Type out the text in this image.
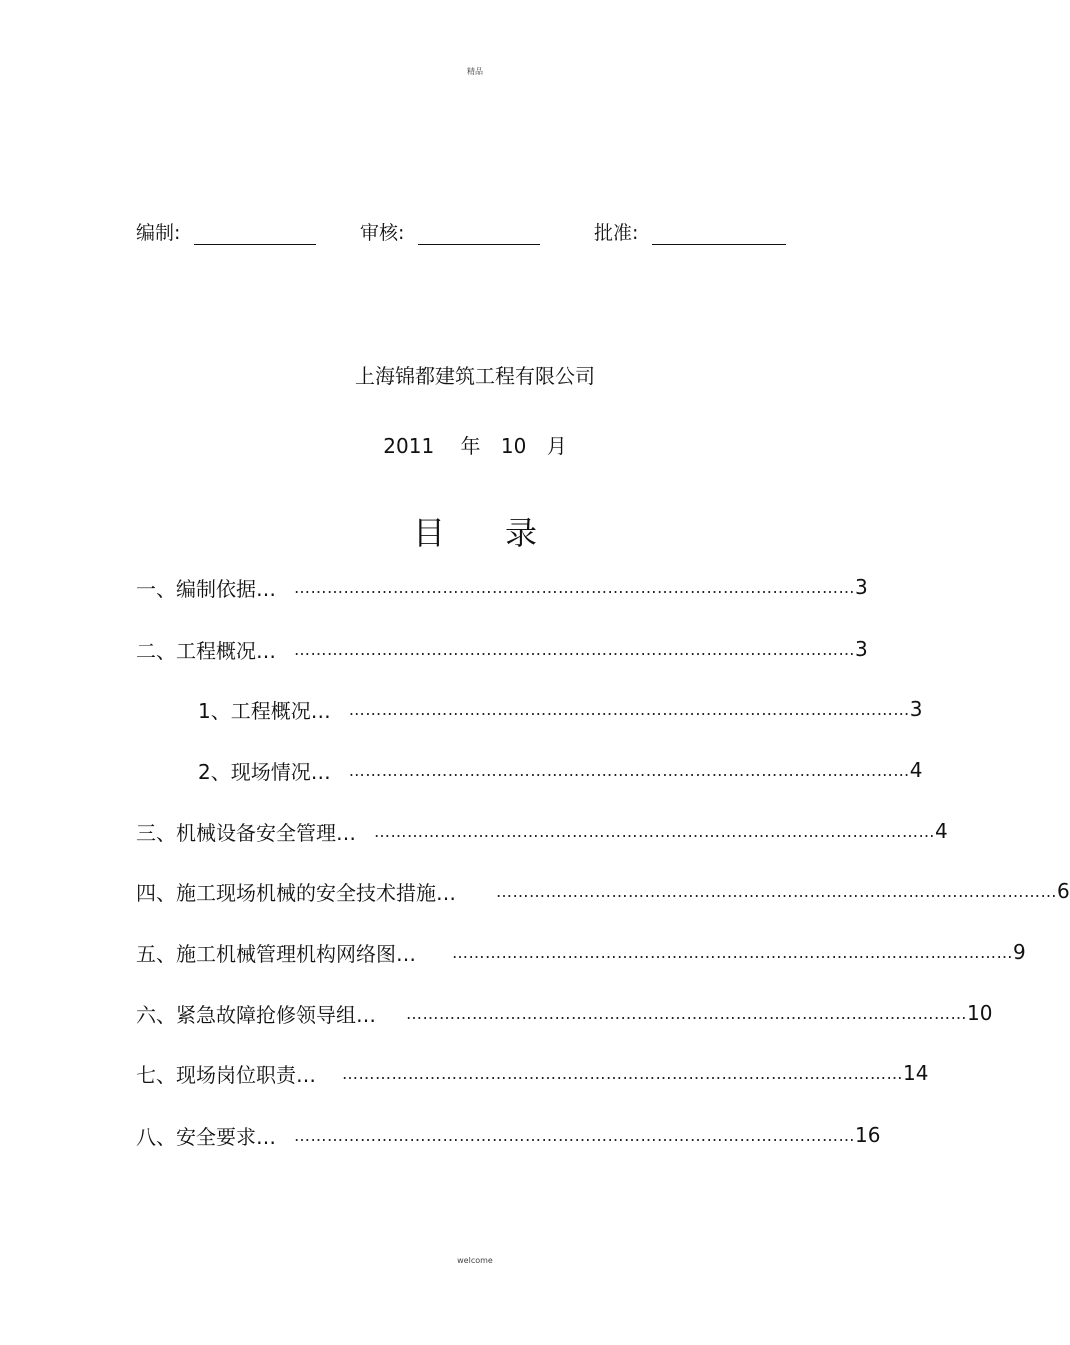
精品
编制:	审核:	批准:
上海锦都建筑工程有限公司
2011 年 10 月
目 录
一、编制依据… ………………………………………………………………………………………… 3
二、工程概况… ………………………………………………………………………………………… 3
1、工程概况… ………………………………………………………………………………………… 3
2、现场情况… ………………………………………………………………………………………… 4
三、机械设备安全管理… ………………………………………………………………………………………… 4
四、施工现场机械的安全技术措施…	………………………………………………………………………………………… 6
五、施工机械管理机构网络图… ………………………………………………………………………………………… 9
六、紧急故障抢修领导组… ………………………………………………………………………………………… 10
七、现场岗位职责… ………………………………………………………………………………………… 14
八、安全要求… ………………………………………………………………………………………… 16
welcome
